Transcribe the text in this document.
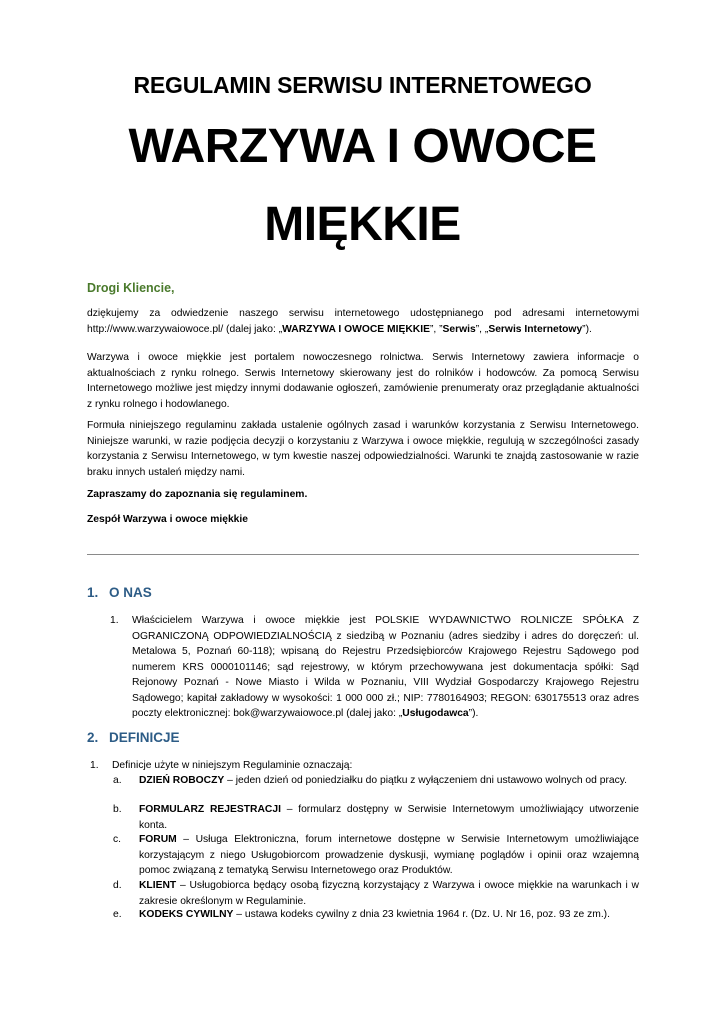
REGULAMIN SERWISU INTERNETOWEGO
WARZYWA I OWOCE
MIĘKKIE
Drogi Kliencie,
dziękujemy za odwiedzenie naszego serwisu internetowego udostępnianego pod adresami internetowymi http://www.warzywaiowoce.pl/ (dalej jako: „WARZYWA I OWOCE MIĘKKIE”, ”Serwis”, „Serwis Internetowy”).
Warzywa i owoce miękkie jest portalem nowoczesnego rolnictwa. Serwis Internetowy zawiera informacje o aktualnościach z rynku rolnego. Serwis Internetowy skierowany jest do rolników i hodowców. Za pomocą Serwisu Internetowego możliwe jest między innymi dodawanie ogłoszeń, zamówienie prenumeraty oraz przeglądanie aktualności z rynku rolnego i hodowlanego.
Formuła niniejszego regulaminu zakłada ustalenie ogólnych zasad i warunków korzystania z Serwisu Internetowego. Niniejsze warunki, w razie podjęcia decyzji o korzystaniu z Warzywa i owoce miękkie, regulują w szczególności zasady korzystania z Serwisu Internetowego, w tym kwestie naszej odpowiedzialności. Warunki te znajdą zastosowanie w razie braku innych ustaleń między nami.
Zapraszamy do zapoznania się regulaminem.
Zespół Warzywa i owoce miękkie
1. O NAS
1. Właścicielem Warzywa i owoce miękkie jest POLSKIE WYDAWNICTWO ROLNICZE SPÓŁKA Z OGRANICZONĄ ODPOWIEDZIALNOŚCIĄ z siedzibą w Poznaniu (adres siedziby i adres do doręczeń: ul. Metalowa 5, Poznań 60-118); wpisaną do Rejestru Przedsiębiorców Krajowego Rejestru Sądowego pod numerem KRS 0000101146; sąd rejestrowy, w którym przechowywana jest dokumentacja spółki: Sąd Rejonowy Poznań - Nowe Miasto i Wilda w Poznaniu, VIII Wydział Gospodarczy Krajowego Rejestru Sądowego; kapitał zakładowy w wysokości: 1 000 000 zł.; NIP: 7780164903; REGON: 630175513 oraz adres poczty elektronicznej: bok@warzywaiowoce.pl (dalej jako: „Usługodawca”).
2. DEFINICJE
1. Definicje użyte w niniejszym Regulaminie oznaczają:
a.	DZIEŃ ROBOCZY – jeden dzień od poniedziałku do piątku z wyłączeniem dni ustawowo wolnych od pracy.
b.	FORMULARZ REJESTRACJI – formularz dostępny w Serwisie Internetowym umożliwiający utworzenie konta.
c.	FORUM – Usługa Elektroniczna, forum internetowe dostępne w Serwisie Internetowym umożliwiające korzystającym z niego Usługobiorcom prowadzenie dyskusji, wymianę poglądów i opinii oraz wzajemną pomoc związaną z tematyką Serwisu Internetowego oraz Produktów.
d.	KLIENT – Usługobiorca będący osobą fizyczną korzystający z Warzywa i owoce miękkie na warunkach i w zakresie określonym w Regulaminie.
e.	KODEKS CYWILNY – ustawa kodeks cywilny z dnia 23 kwietnia 1964 r. (Dz. U. Nr 16, poz. 93 ze zm.).
